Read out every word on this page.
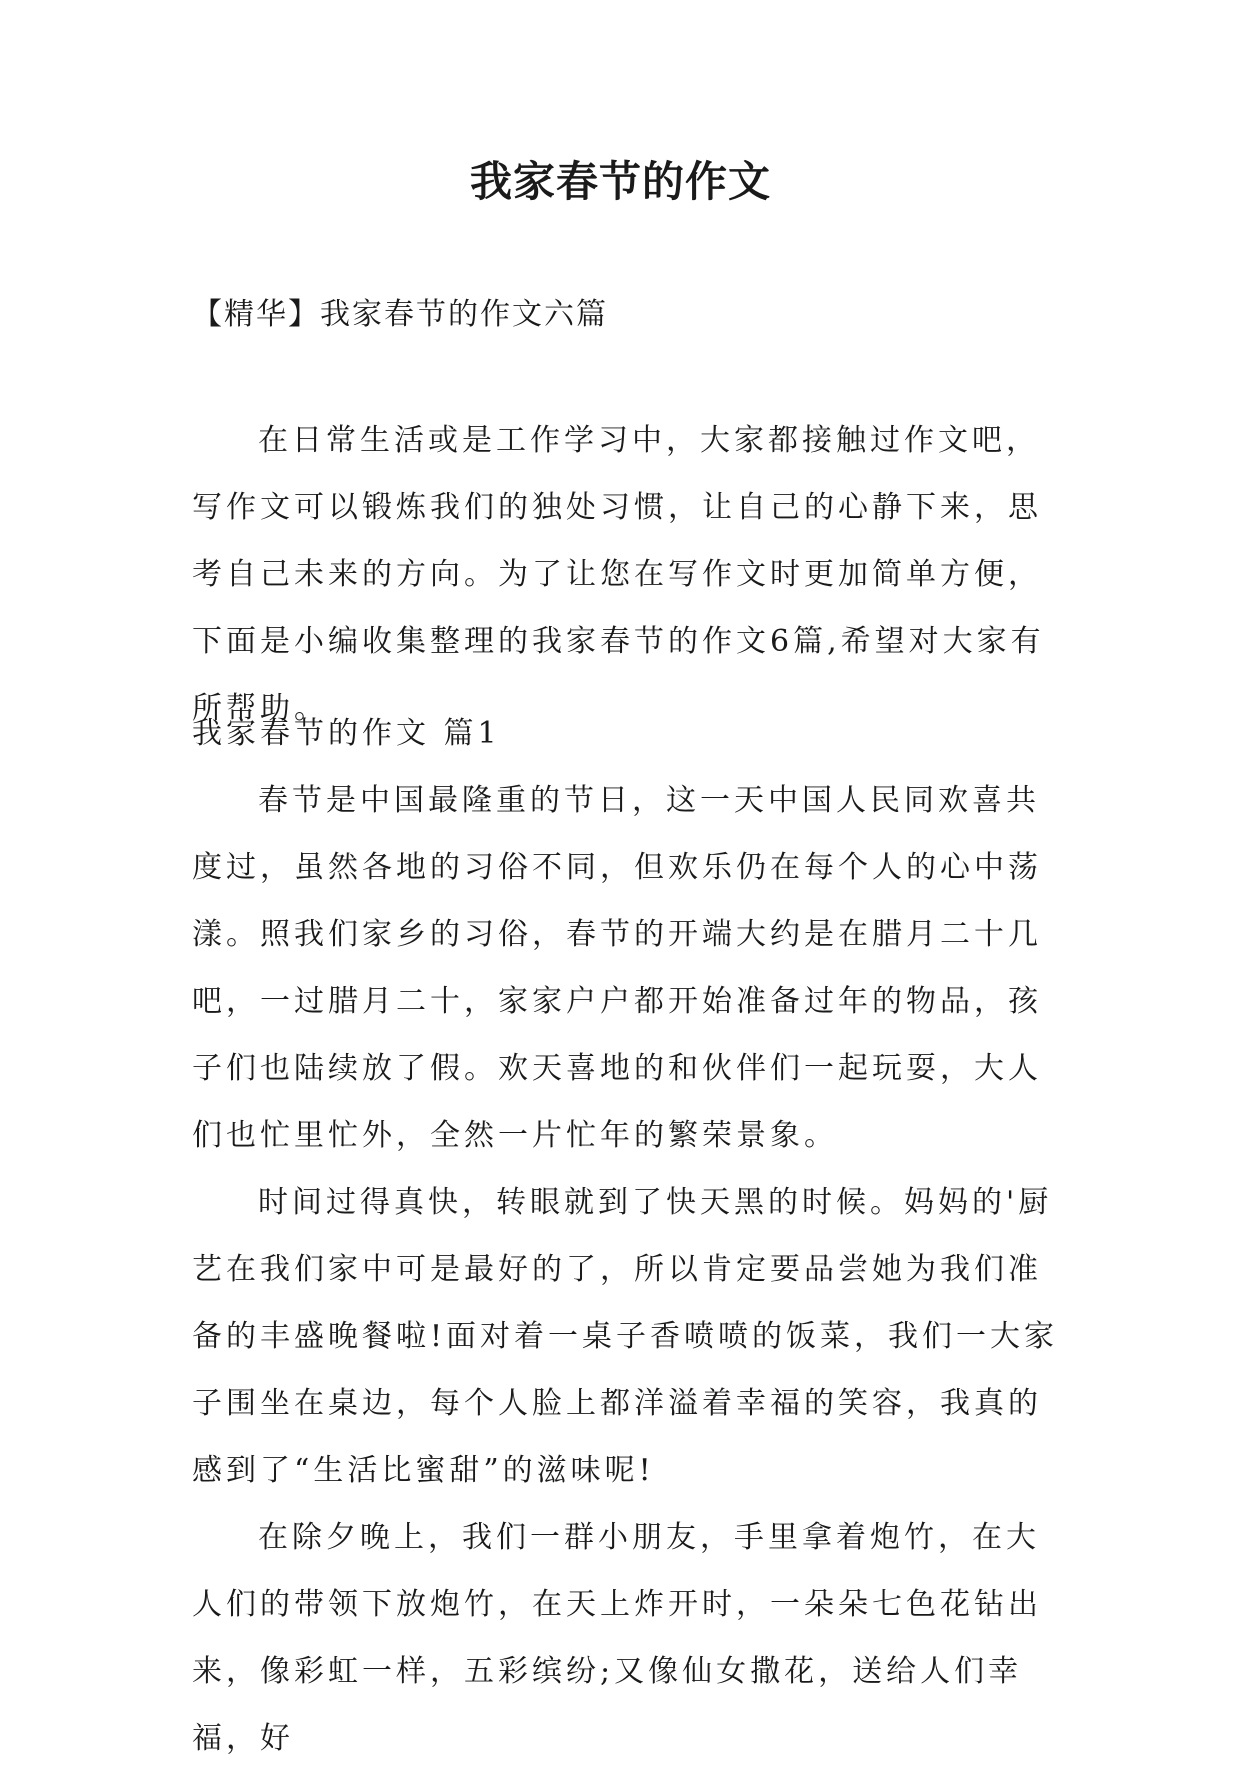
我家春节的作文
【精华】我家春节的作文六篇

在日常生活或是工作学习中，大家都接触过作文吧，写作文可以锻炼我们的独处习惯，让自己的心静下来，思考自己未来的方向。为了让您在写作文时更加简单方便，下面是小编收集整理的我家春节的作文6篇,希望对大家有所帮助。

我家春节的作文 篇1

春节是中国最隆重的节日，这一天中国人民同欢喜共度过，虽然各地的习俗不同，但欢乐仍在每个人的心中荡漾。照我们家乡的习俗，春节的开端大约是在腊月二十几吧，一过腊月二十，家家户户都开始准备过年的物品，孩子们也陆续放了假。欢天喜地的和伙伴们一起玩耍，大人们也忙里忙外，全然一片忙年的繁荣景象。

时间过得真快，转眼就到了快天黑的时候。妈妈的'厨艺在我们家中可是最好的了，所以肯定要品尝她为我们准备的丰盛晚餐啦!面对着一桌子香喷喷的饭菜，我们一大家子围坐在桌边，每个人脸上都洋溢着幸福的笑容，我真的感到了“生活比蜜甜”的滋味呢!

在除夕晚上，我们一群小朋友，手里拿着炮竹，在大人们的带领下放炮竹，在天上炸开时，一朵朵七色花钻出来，像彩虹一样，五彩缤纷;又像仙女撒花，送给人们幸福，好
